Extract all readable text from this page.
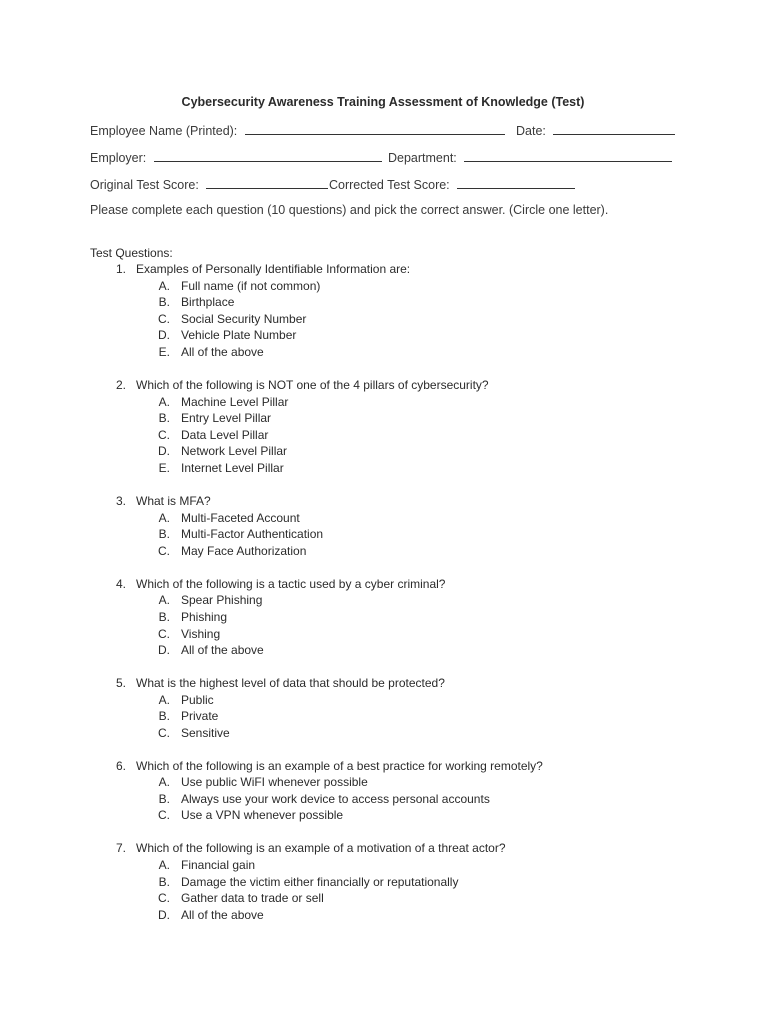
Cybersecurity Awareness Training Assessment of Knowledge (Test)
Employee Name (Printed):	Date:
Employer:	Department:
Original Test Score:	Corrected Test Score:
Please complete each question (10 questions) and pick the correct answer. (Circle one letter).
Test Questions:
1. Examples of Personally Identifiable Information are:
A. Full name (if not common)
B. Birthplace
C. Social Security Number
D. Vehicle Plate Number
E. All of the above
2. Which of the following is NOT one of the 4 pillars of cybersecurity?
A. Machine Level Pillar
B. Entry Level Pillar
C. Data Level Pillar
D. Network Level Pillar
E. Internet Level Pillar
3. What is MFA?
A. Multi-Faceted Account
B. Multi-Factor Authentication
C. May Face Authorization
4. Which of the following is a tactic used by a cyber criminal?
A. Spear Phishing
B. Phishing
C. Vishing
D. All of the above
5. What is the highest level of data that should be protected?
A. Public
B. Private
C. Sensitive
6. Which of the following is an example of a best practice for working remotely?
A. Use public WiFI whenever possible
B. Always use your work device to access personal accounts
C. Use a VPN whenever possible
7. Which of the following is an example of a motivation of a threat actor?
A. Financial gain
B. Damage the victim either financially or reputationally
C. Gather data to trade or sell
D. All of the above
